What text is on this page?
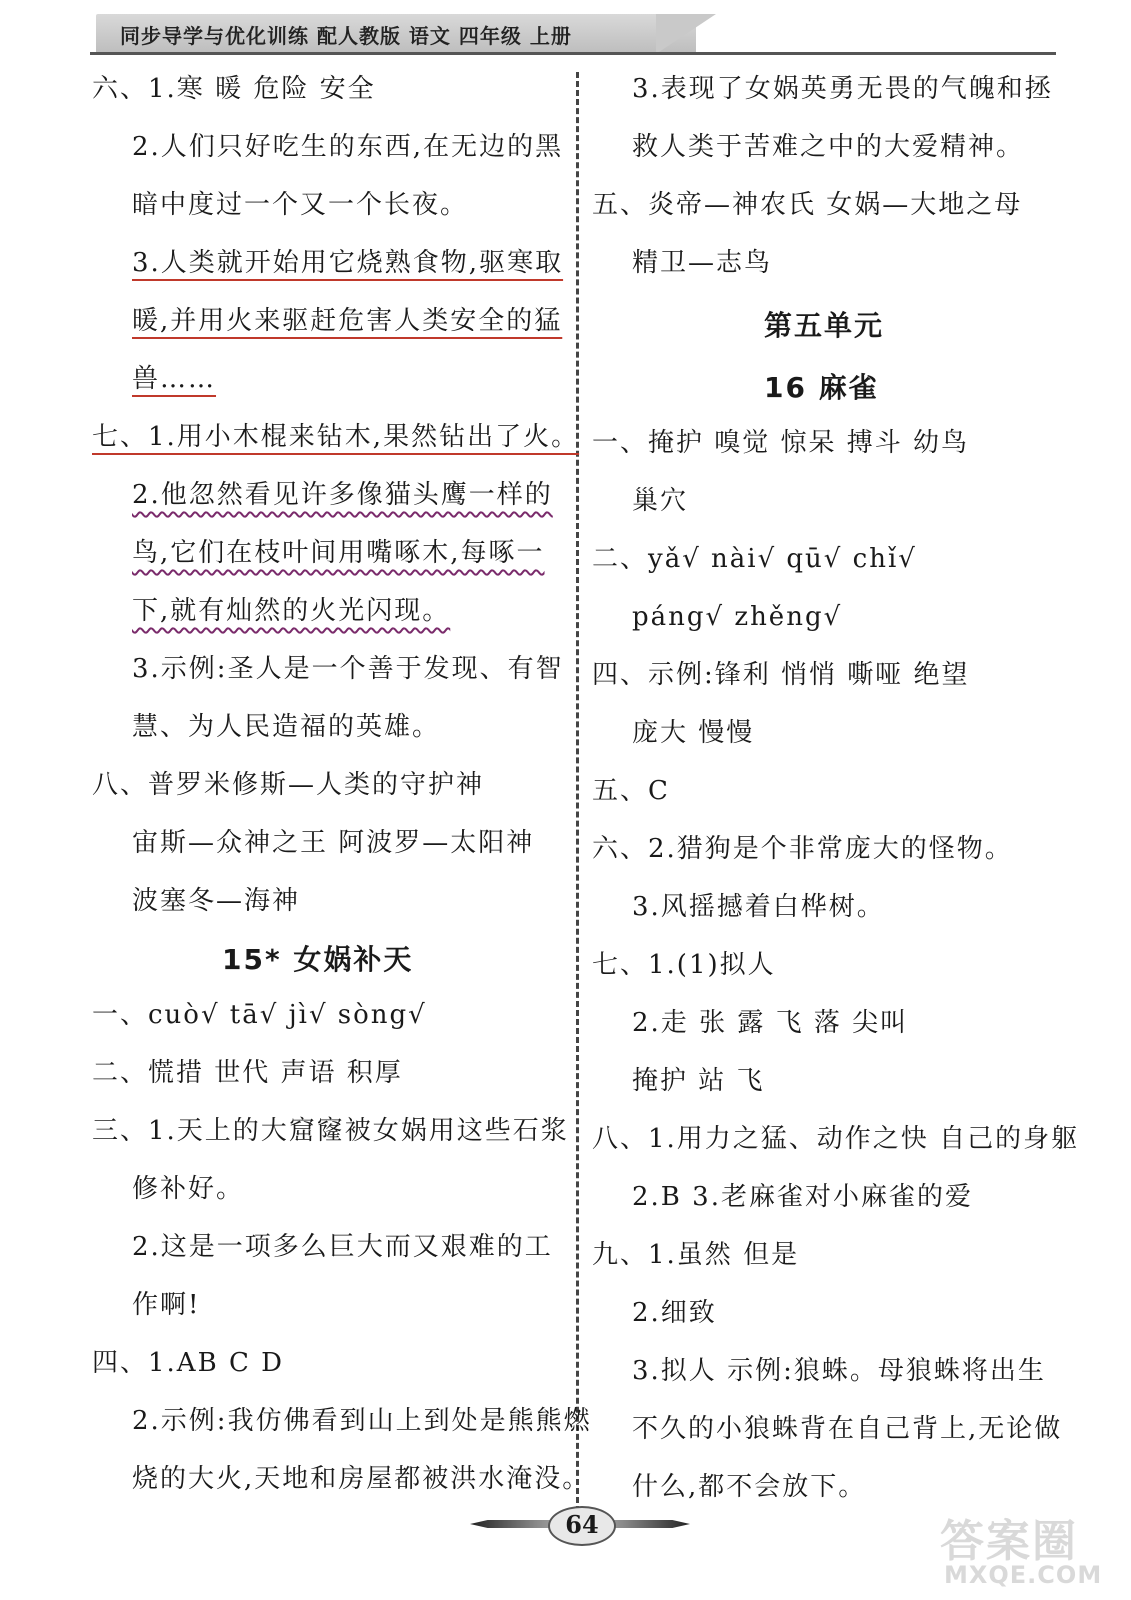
同步导学与优化训练 配人教版 语文 四年级 上册
六、1.寒 暖 危险 安全
2.人们只好吃生的东西,在无边的黑
暗中度过一个又一个长夜。
3.人类就开始用它烧熟食物,驱寒取
暖,并用火来驱赶危害人类安全的猛
兽……
七、1.用小木棍来钻木,果然钻出了火。
2.他忽然看见许多像猫头鹰一样的
鸟,它们在枝叶间用嘴啄木,每啄一
下,就有灿然的火光闪现。
3.示例:圣人是一个善于发现、有智
慧、为人民造福的英雄。
八、普罗米修斯—人类的守护神
宙斯—众神之王 阿波罗—太阳神
波塞冬—海神
15* 女娲补天
一、cuò√ tā√ jì√ sòng√
二、慌措 世代 声语 积厚
三、1.天上的大窟窿被女娲用这些石浆
修补好。
2.这是一项多么巨大而又艰难的工
作啊!
四、1.AB C D
2.示例:我仿佛看到山上到处是熊熊燃
烧的大火,天地和房屋都被洪水淹没。
3.表现了女娲英勇无畏的气魄和拯
救人类于苦难之中的大爱精神。
五、炎帝—神农氏 女娲—大地之母
精卫—志鸟
第五单元
16 麻雀
一、掩护 嗅觉 惊呆 搏斗 幼鸟
巢穴
二、yǎ√ nài√ qū√ chǐ√
páng√ zhěng√
四、示例:锋利 悄悄 嘶哑 绝望
庞大 慢慢
五、C
六、2.猎狗是个非常庞大的怪物。
3.风摇撼着白桦树。
七、1.(1)拟人
2.走 张 露 飞 落 尖叫
掩护 站 飞
八、1.用力之猛、动作之快 自己的身躯
2.B 3.老麻雀对小麻雀的爱
九、1.虽然 但是
2.细致
3.拟人 示例:狼蛛。母狼蛛将出生
不久的小狼蛛背在自己背上,无论做
什么,都不会放下。
64	答案圈
MXQE.COM
